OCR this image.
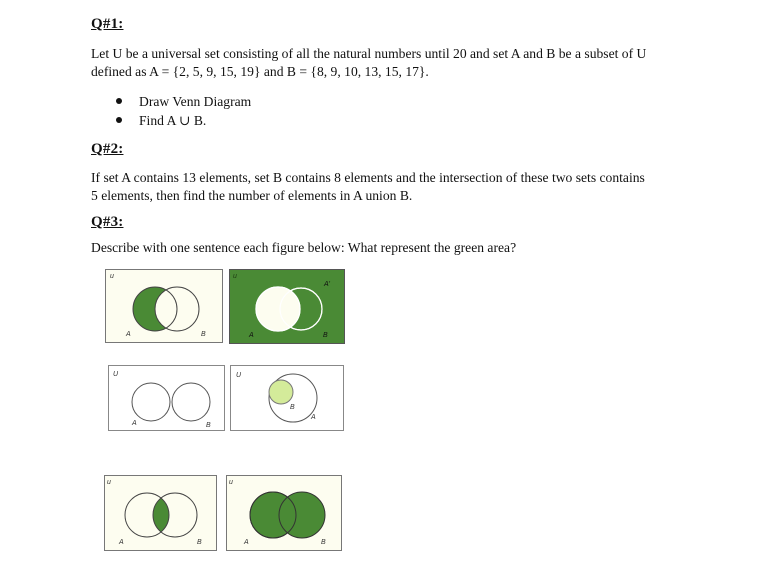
Q#1:
Let U be a universal set consisting of all the natural numbers until 20 and set A and B be a subset of U
defined as A = {2, 5, 9, 15, 19} and B = {8, 9, 10, 13, 15, 17}.
Draw Venn Diagram
Find A ∪ B.
Q#2:
If set A contains 13 elements, set B contains 8 elements and the intersection of these two sets contains
5 elements, then find the number of elements in A union B.
Q#3:
Describe with one sentence each figure below: What represent the green area?
u
A	B
u
A'
A	B
U
A	B
U
A
B
u
A	B
u
A	B
